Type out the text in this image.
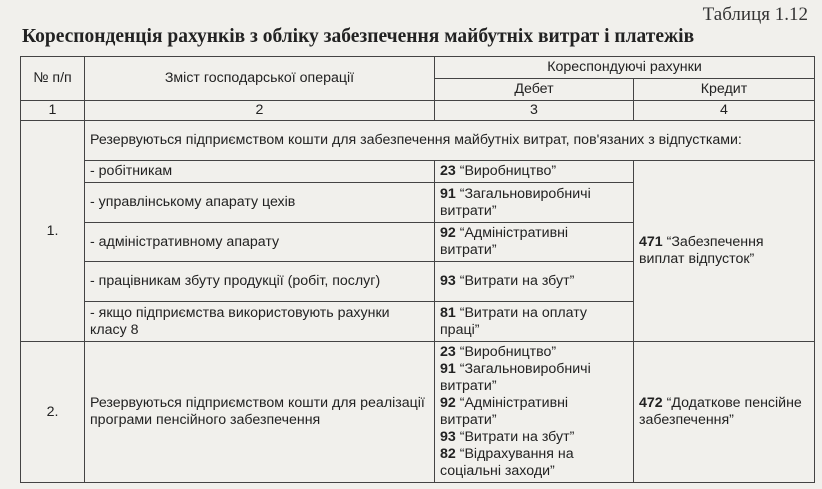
Таблиця 1.12
Кореспонденція рахунків з обліку забезпечення майбутніх витрат і платежів
№ п/п	Зміст господарської операції	Кореспондуючі рахунки	
		Дебет	Кредит
1	2	3	4
1.	Резервуються підприємством кошти для забезпечення майбутніх витрат, пов'язаних з відпустками:		
	- робітникам	23 “Виробництво”	471 “Забезпечення виплат відпусток”
	- управлінському апарату цехів	91 “Загальновиробничі витрати”	
	- адміністративному апарату	92 “Адміністративні витрати”	
	- працівникам збуту продукції (робіт, послуг)	93 “Витрати на збут”	
	- якщо підприємства використовують рахунки класу 8	81 “Витрати на оплату праці”	
2.	Резервуються підприємством кошти для реалізації програми пенсійного забезпечення	23 “Виробництво”
91 “Загальновиробничі витрати”
92 “Адміністративні витрати”
93 “Витрати на збут”
82 “Відрахування на соціальні заходи”	472 “Додаткове пенсійне забезпечення”
